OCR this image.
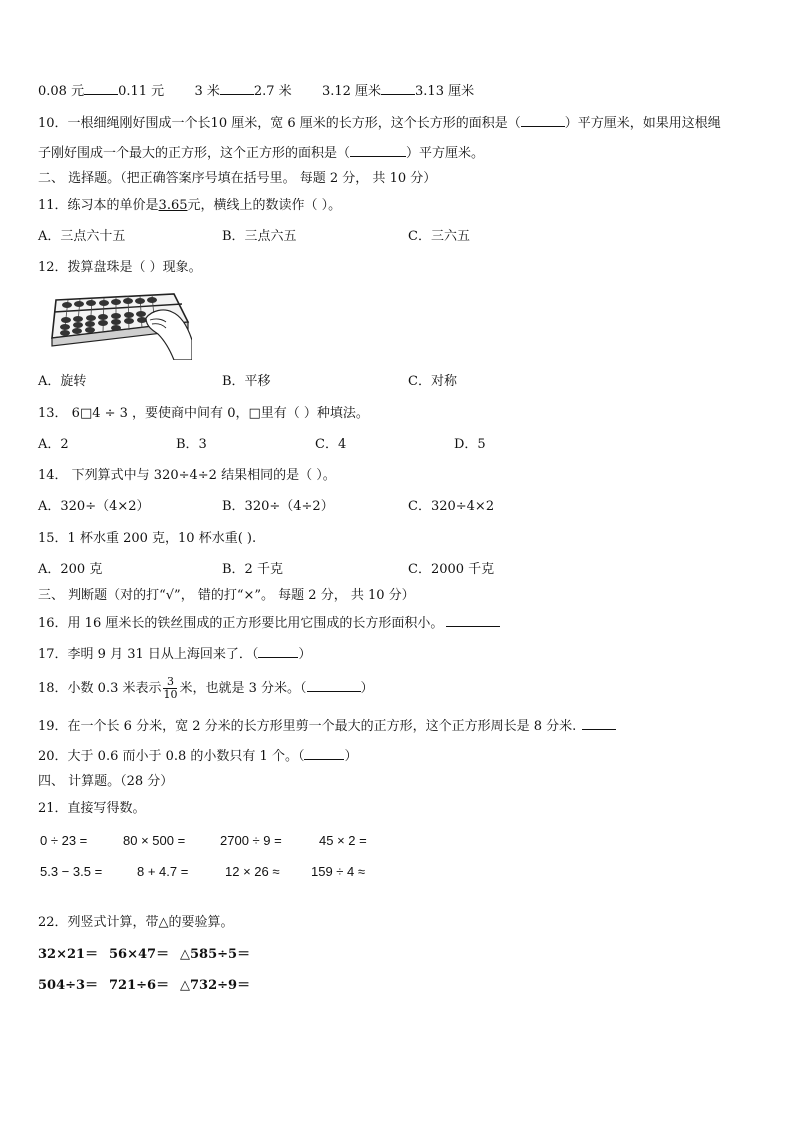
0.08 元	0.11 元 3 米	2.7 米 3.12 厘米	3.13 厘米
10．一根细绳刚好围成一个长10 厘米，宽 6 厘米的长方形，这个长方形的面积是（	）平方厘米，如果用这根绳
子刚好围成一个最大的正方形，这个正方形的面积是（	）平方厘米。
二、 选择题。（把正确答案序号填在括号里。 每题 2 分， 共 10 分）
11．练习本的单价是3.65元，横线上的数读作（ ）。
A．三点六十五	B．三点六五	C．三六五
12．拨算盘珠是（ ）现象。
A．旋转	B．平移	C．对称
13． 6□4 ÷ 3 ，要使商中间有 0，□里有（ ）种填法。
A．2	B．3	C．4	D．5
14． 下列算式中与 320÷4÷2 结果相同的是（ ）。
A．320÷（4×2）	B．320÷（4÷2）	C．320÷4×2
15．1 杯水重 200 克，10 杯水重( ).
A．200 克	B．2 千克	C．2000 千克
三、 判断题（对的打“√”， 错的打“×”。 每题 2 分， 共 10 分）
16．用 16 厘米长的铁丝围成的正方形要比用它围成的长方形面积小。
17．李明 9 月 31 日从上海回来了．（	）
18．小数 0.3 米表示 $\frac{3}{10}$ 米，也就是 3 分米。（	）
19．在一个长 6 分米，宽 2 分米的长方形里剪一个最大的正方形，这个正方形周长是 8 分米.
20．大于 0.6 而小于 0.8 的小数只有 1 个。（	）
四、 计算题。（28 分）
21．直接写得数。
0 ÷ 23 =	80 × 500 =	2700 ÷ 9 =	45 × 2 =
5.3 − 3.5 =	8 + 4.7 =	12 × 26 ≈ 159 ÷ 4 ≈
22．列竖式计算，带△的要验算。
32×21＝ 56×47＝ △585÷5＝
504÷3＝ 721÷6＝ △732÷9＝
